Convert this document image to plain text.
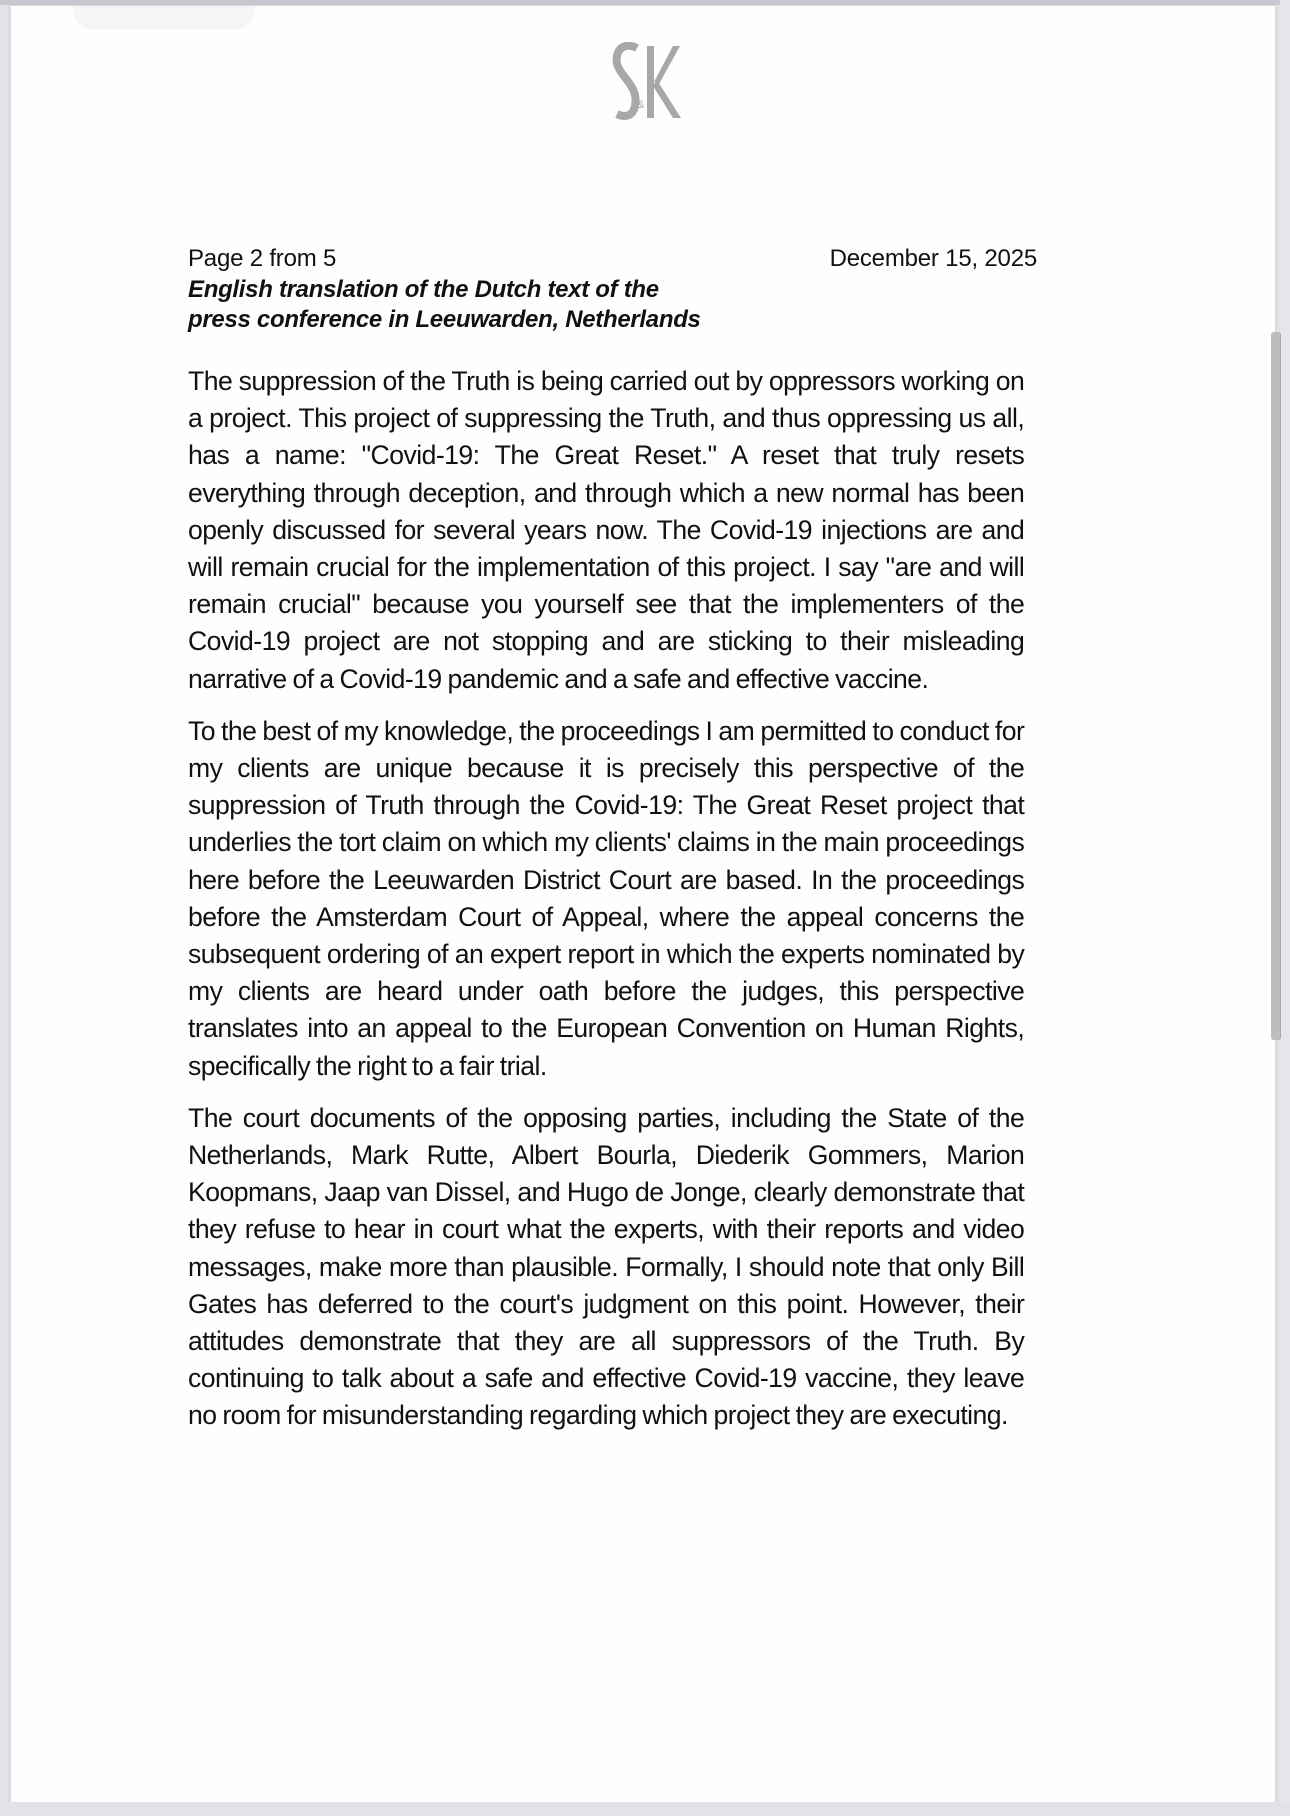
&
Page 2 from 5	December 15, 2025
English translation of the Dutch text of the press conference in Leeuwarden, Netherlands

The suppression of the Truth is being carried out by oppressors working on a project. This project of suppressing the Truth, and thus oppressing us all, has a name: "Covid-19: The Great Reset." A reset that truly resets everything through deception, and through which a new normal has been openly discussed for several years now. The Covid-19 injections are and will remain crucial for the implementation of this project. I say "are and will remain crucial" because you yourself see that the implementers of the Covid-19 project are not stopping and are sticking to their misleading narrative of a Covid-19 pandemic and a safe and effective vaccine.

To the best of my knowledge, the proceedings I am permitted to conduct for my clients are unique because it is precisely this perspective of the suppression of Truth through the Covid-19: The Great Reset project that underlies the tort claim on which my clients' claims in the main proceedings here before the Leeuwarden District Court are based. In the proceedings before the Amsterdam Court of Appeal, where the appeal concerns the subsequent ordering of an expert report in which the experts nominated by my clients are heard under oath before the judges, this perspective translates into an appeal to the European Convention on Human Rights, specifically the right to a fair trial.

The court documents of the opposing parties, including the State of the Netherlands, Mark Rutte, Albert Bourla, Diederik Gommers, Marion Koopmans, Jaap van Dissel, and Hugo de Jonge, clearly demonstrate that they refuse to hear in court what the experts, with their reports and video messages, make more than plausible. Formally, I should note that only Bill Gates has deferred to the court's judgment on this point. However, their attitudes demonstrate that they are all suppressors of the Truth. By continuing to talk about a safe and effective Covid-19 vaccine, they leave no room for misunderstanding regarding which project they are executing.
